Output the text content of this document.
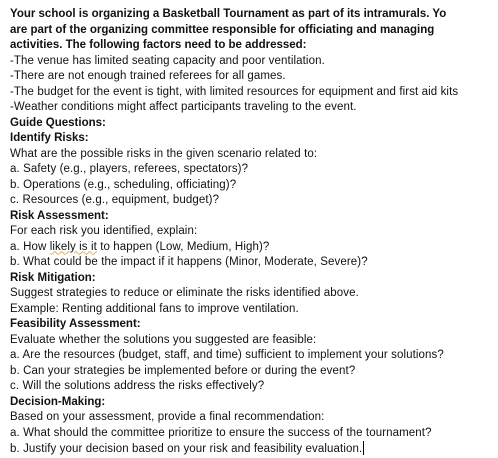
Your school is organizing a Basketball Tournament as part of its intramurals. Yo
are part of the organizing committee responsible for officiating and managing
activities. The following factors need to be addressed:
-The venue has limited seating capacity and poor ventilation.
-There are not enough trained referees for all games.
-The budget for the event is tight, with limited resources for equipment and first aid kits
-Weather conditions might affect participants traveling to the event.
Guide Questions:
Identify Risks:
What are the possible risks in the given scenario related to:
a. Safety (e.g., players, referees, spectators)?
b. Operations (e.g., scheduling, officiating)?
c. Resources (e.g., equipment, budget)?
Risk Assessment:
For each risk you identified, explain:
a. How likely is it to happen (Low, Medium, High)?
b. What could be the impact if it happens (Minor, Moderate, Severe)?
Risk Mitigation:
Suggest strategies to reduce or eliminate the risks identified above.
Example: Renting additional fans to improve ventilation.
Feasibility Assessment:
Evaluate whether the solutions you suggested are feasible:
a. Are the resources (budget, staff, and time) sufficient to implement your solutions?
b. Can your strategies be implemented before or during the event?
c. Will the solutions address the risks effectively?
Decision-Making:
Based on your assessment, provide a final recommendation:
a. What should the committee prioritize to ensure the success of the tournament?
b. Justify your decision based on your risk and feasibility evaluation.
